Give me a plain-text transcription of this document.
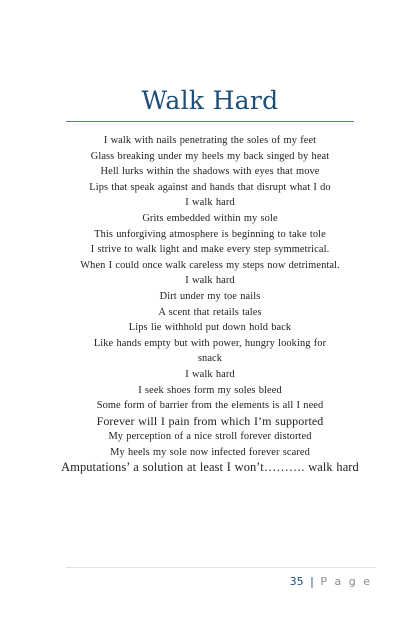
Walk Hard
I walk with nails penetrating the soles of my feet
Glass breaking under my heels my back singed by heat
Hell lurks within the shadows with eyes that move
Lips that speak against and hands that disrupt what I do
I walk hard
Grits embedded within my sole
This unforgiving atmosphere is beginning to take tole
I strive to walk light and make every step symmetrical.
When I could once walk careless my steps now detrimental.
I walk hard
Dirt under my toe nails
A scent that retails tales
Lips lie withhold put down hold back
Like hands empty but with power, hungry looking for
snack
I walk hard
I seek shoes form my soles bleed
Some form of barrier from the elements is all I need
Forever will I pain from which I’m supported
My perception of a nice stroll forever distorted
My heels my sole now infected forever scared
Amputations’ a solution at least I won’t………. walk hard
35 | P a g e
